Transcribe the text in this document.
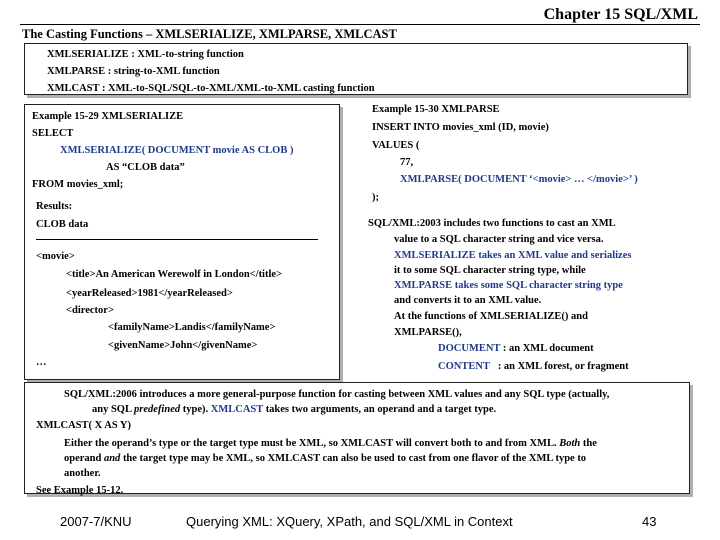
Chapter 15 SQL/XML
The Casting Functions – XMLSERIALIZE, XMLPARSE, XMLCAST
XMLSERIALIZE : XML-to-string function
XMLPARSE : string-to-XML function
XMLCAST : XML-to-SQL/SQL-to-XML/XML-to-XML casting function
Example 15-29 XMLSERIALIZE
SELECT
XMLSERIALIZE( DOCUMENT movie AS CLOB )
AS “CLOB data”
FROM movies_xml;
Results:
CLOB data
<movie>
<title>An American Werewolf in London</title>
<yearReleased>1981</yearReleased>
<director>
<familyName>Landis</familyName>
<givenName>John</givenName>
…
Example 15-30 XMLPARSE
INSERT INTO movies_xml (ID, movie)
VALUES (
77,
XMLPARSE( DOCUMENT ‘<movie> … </movie>’ )
);
SQL/XML:2003 includes two functions to cast an XML
value to a SQL character string and vice versa.
XMLSERIALIZE takes an XML value and serializes
it to some SQL character string type, while
XMLPARSE takes some SQL character string type
and converts it to an XML value.
At the functions of XMLSERIALIZE() and
XMLPARSE(),
DOCUMENT : an XML document
CONTENT : an XML forest, or fragment
SQL/XML:2006 introduces a more general-purpose function for casting between XML values and any SQL type (actually,
any SQL predefined type). XMLCAST takes two arguments, an operand and a target type.
XMLCAST( X AS Y)
Either the operand’s type or the target type must be XML, so XMLCAST will convert both to and from XML. Both the
operand and the target type may be XML, so XMLCAST can also be used to cast from one flavor of the XML type to
another.
See Example 15-12.
2007-7/KNU	Querying XML: XQuery, XPath, and SQL/XML in Context	43
